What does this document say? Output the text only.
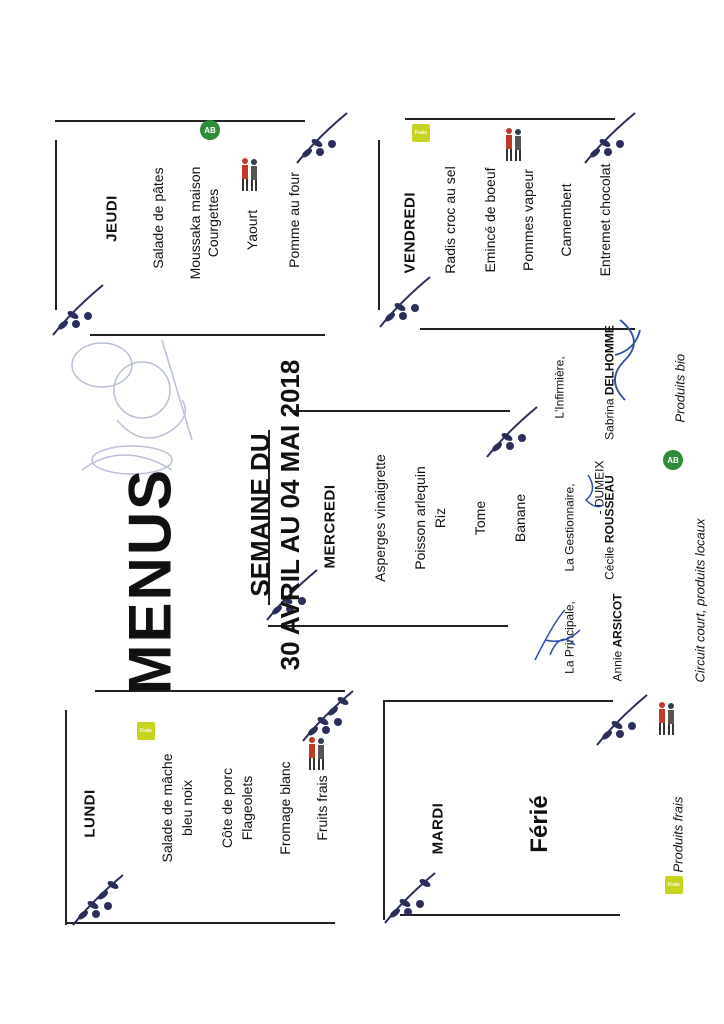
LUNDI	Salade de mâche bleu noix Côte de porc Flageolets Fromage blanc Fruits frais
Frais
MARDI	Férié
MERCREDI Asperges vinaigrette Poisson arlequin Riz Tome Banane
JEUDI Salade de pâtes Moussaka maison Courgettes Yaourt Pomme au four
AB
VENDREDI Radis croc au sel Emincé de boeuf Pommes vapeur Camembert Entremet chocolat
Frais
MENUS SEMAINE DU 30 AVRIL AU 04 MAI 2018	La Principale,	Annie ARSICOT
La Gestionnaire, Cécile ROUSSEAU
- DUMEIX
L'Infirmière,	Sabrina DELHOMME
AB
Produits bio
Circuit court, produits locaux
Produits frais
Frais
